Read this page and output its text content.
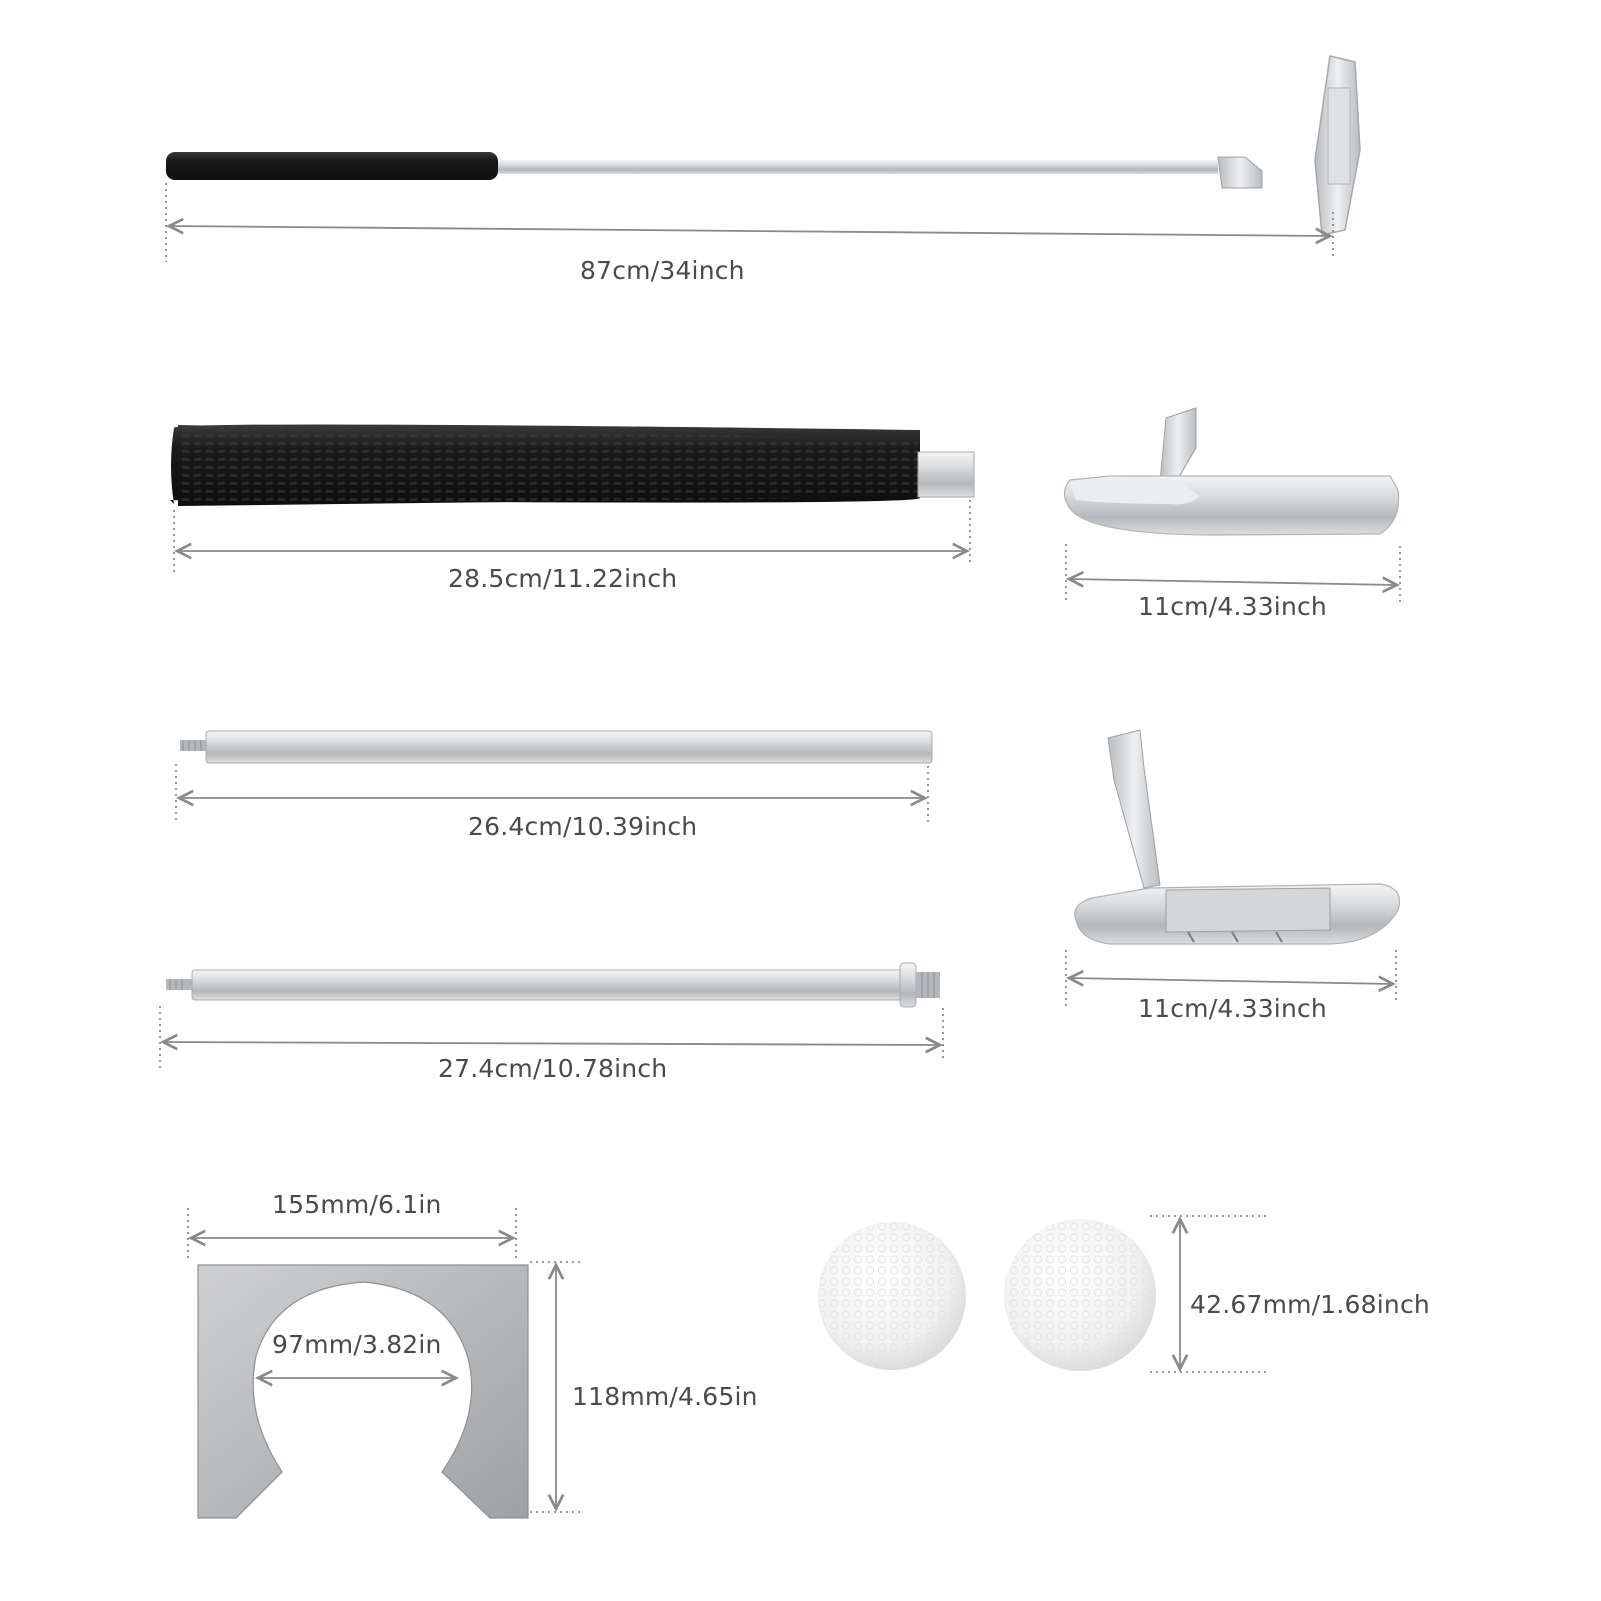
87cm/34inch
28.5cm/11.22inch
11cm/4.33inch
26.4cm/10.39inch
11cm/4.33inch
27.4cm/10.78inch
155mm/6.1in
97mm/3.82in
118mm/4.65in
42.67mm/1.68inch
